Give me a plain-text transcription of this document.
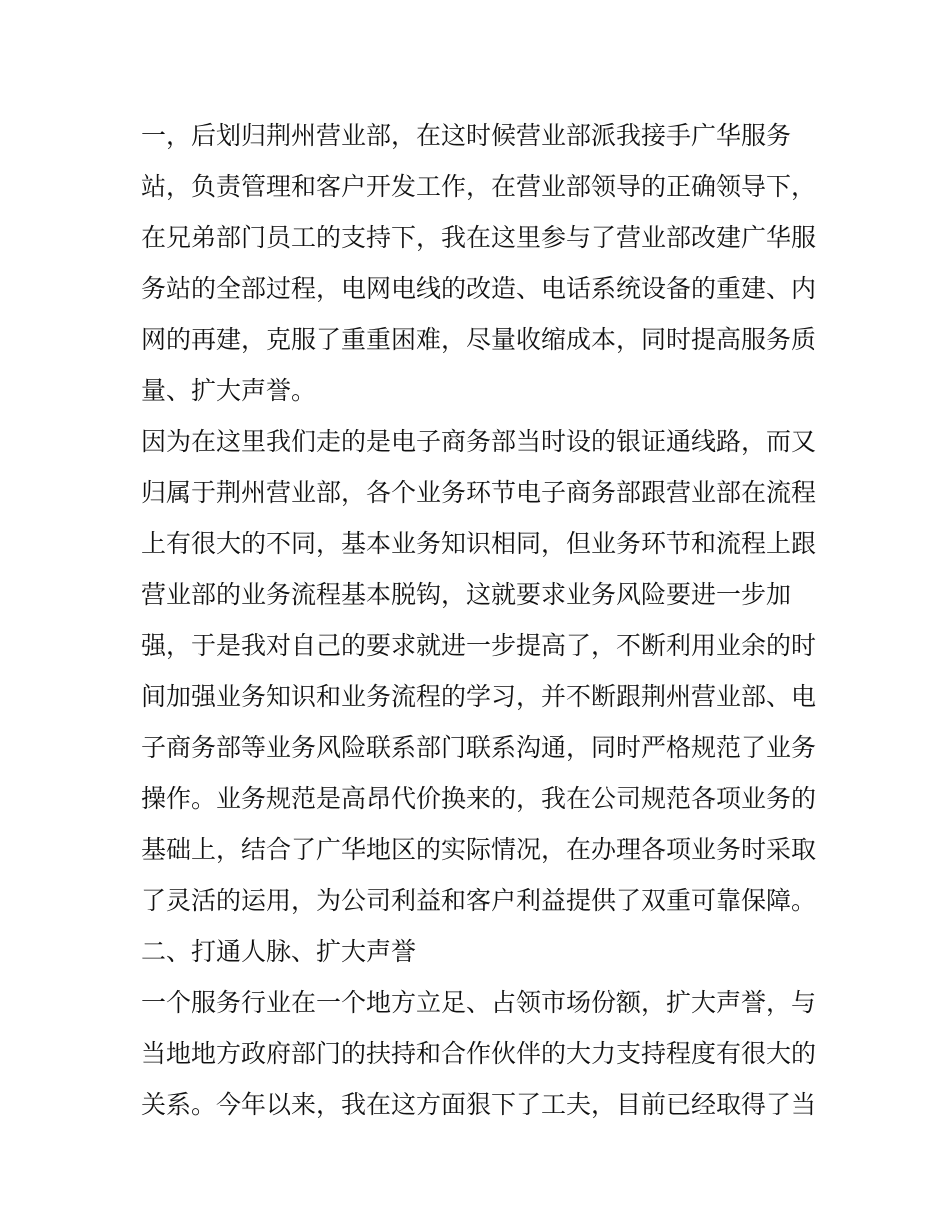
一，后划归荆州营业部，在这时候营业部派我接手广华服务
站，负责管理和客户开发工作，在营业部领导的正确领导下，
在兄弟部门员工的支持下，我在这里参与了营业部改建广华服
务站的全部过程，电网电线的改造、电话系统设备的重建、内
网的再建，克服了重重困难，尽量收缩成本，同时提高服务质
量、扩大声誉。
因为在这里我们走的是电子商务部当时设的银证通线路，而又
归属于荆州营业部，各个业务环节电子商务部跟营业部在流程
上有很大的不同，基本业务知识相同，但业务环节和流程上跟
营业部的业务流程基本脱钩，这就要求业务风险要进一步加
强，于是我对自己的要求就进一步提高了，不断利用业余的时
间加强业务知识和业务流程的学习，并不断跟荆州营业部、电
子商务部等业务风险联系部门联系沟通，同时严格规范了业务
操作。业务规范是高昂代价换来的，我在公司规范各项业务的
基础上，结合了广华地区的实际情况，在办理各项业务时采取
了灵活的运用，为公司利益和客户利益提供了双重可靠保障。
二、打通人脉、扩大声誉
一个服务行业在一个地方立足、占领市场份额，扩大声誉，与
当地地方政府部门的扶持和合作伙伴的大力支持程度有很大的
关系。今年以来，我在这方面狠下了工夫，目前已经取得了当
